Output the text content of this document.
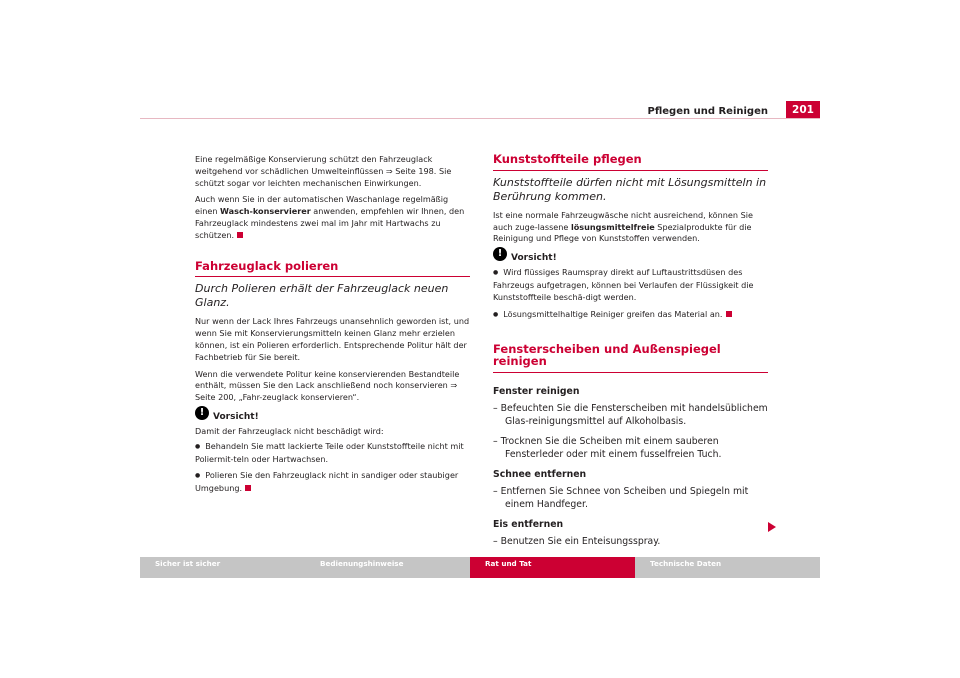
Pflegen und Reinigen	201

Eine regelmäßige Konservierung schützt den Fahrzeuglack weitgehend vor schädlichen Umwelteinflüssen ⇒ Seite 198. Sie schützt sogar vor leichten mechanischen Einwirkungen.

Auch wenn Sie in der automatischen Waschanlage regelmäßig einen Wasch-konservierer anwenden, empfehlen wir Ihnen, den Fahrzeuglack mindestens zwei mal im Jahr mit Hartwachs zu schützen.

Fahrzeuglack polieren
Durch Polieren erhält der Fahrzeuglack neuen Glanz.

Nur wenn der Lack Ihres Fahrzeugs unansehnlich geworden ist, und wenn Sie mit Konservierungsmitteln keinen Glanz mehr erzielen können, ist ein Polieren erforderlich. Entsprechende Politur hält der Fachbetrieb für Sie bereit.

Wenn die verwendete Politur keine konservierenden Bestandteile enthält, müssen Sie den Lack anschließend noch konservieren ⇒ Seite 200, „Fahr-zeuglack konservieren“.

! Vorsicht!

Damit der Fahrzeuglack nicht beschädigt wird:

● Behandeln Sie matt lackierte Teile oder Kunststoffteile nicht mit Poliermit-teln oder Hartwachsen.

● Polieren Sie den Fahrzeuglack nicht in sandiger oder staubiger Umgebung.

Kunststoffteile pflegen
Kunststoffteile dürfen nicht mit Lösungsmitteln in Berührung kommen.

Ist eine normale Fahrzeugwäsche nicht ausreichend, können Sie auch zuge-lassene lösungsmittelfreie Spezialprodukte für die Reinigung und Pflege von Kunststoffen verwenden.

! Vorsicht!

● Wird flüssiges Raumspray direkt auf Luftaustrittsdüsen des Fahrzeugs aufgetragen, können bei Verlaufen der Flüssigkeit die Kunststoffteile beschä-digt werden.

● Lösungsmittelhaltige Reiniger greifen das Material an.

Fensterscheiben und Außenspiegel reinigen

Fenster reinigen

– Befeuchten Sie die Fensterscheiben mit handelsüblichem Glas-reinigungsmittel auf Alkoholbasis.

– Trocknen Sie die Scheiben mit einem sauberen Fensterleder oder mit einem fusselfreien Tuch.

Schnee entfernen

– Entfernen Sie Schnee von Scheiben und Spiegeln mit einem Handfeger.

Eis entfernen

– Benutzen Sie ein Enteisungsspray.

Sicher ist sicher	Bedienungshinweise	Rat und Tat	Technische Daten
